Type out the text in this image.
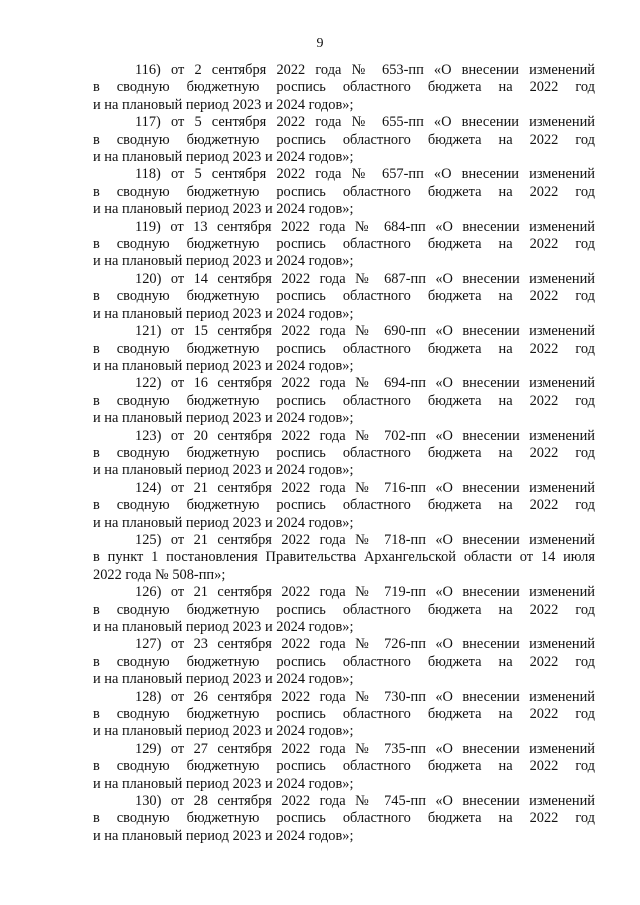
9
116) от 2 сентября 2022 года № 653-пп «О внесении изменений
в сводную бюджетную роспись областного бюджета на 2022 год
и на плановый период 2023 и 2024 годов»;
117) от 5 сентября 2022 года № 655-пп «О внесении изменений
в сводную бюджетную роспись областного бюджета на 2022 год
и на плановый период 2023 и 2024 годов»;
118) от 5 сентября 2022 года № 657-пп «О внесении изменений
в сводную бюджетную роспись областного бюджета на 2022 год
и на плановый период 2023 и 2024 годов»;
119) от 13 сентября 2022 года № 684-пп «О внесении изменений
в сводную бюджетную роспись областного бюджета на 2022 год
и на плановый период 2023 и 2024 годов»;
120) от 14 сентября 2022 года № 687-пп «О внесении изменений
в сводную бюджетную роспись областного бюджета на 2022 год
и на плановый период 2023 и 2024 годов»;
121) от 15 сентября 2022 года № 690-пп «О внесении изменений
в сводную бюджетную роспись областного бюджета на 2022 год
и на плановый период 2023 и 2024 годов»;
122) от 16 сентября 2022 года № 694-пп «О внесении изменений
в сводную бюджетную роспись областного бюджета на 2022 год
и на плановый период 2023 и 2024 годов»;
123) от 20 сентября 2022 года № 702-пп «О внесении изменений
в сводную бюджетную роспись областного бюджета на 2022 год
и на плановый период 2023 и 2024 годов»;
124) от 21 сентября 2022 года № 716-пп «О внесении изменений
в сводную бюджетную роспись областного бюджета на 2022 год
и на плановый период 2023 и 2024 годов»;
125) от 21 сентября 2022 года № 718-пп «О внесении изменений
в пункт 1 постановления Правительства Архангельской области от 14 июля
2022 года № 508-пп»;
126) от 21 сентября 2022 года № 719-пп «О внесении изменений
в сводную бюджетную роспись областного бюджета на 2022 год
и на плановый период 2023 и 2024 годов»;
127) от 23 сентября 2022 года № 726-пп «О внесении изменений
в сводную бюджетную роспись областного бюджета на 2022 год
и на плановый период 2023 и 2024 годов»;
128) от 26 сентября 2022 года № 730-пп «О внесении изменений
в сводную бюджетную роспись областного бюджета на 2022 год
и на плановый период 2023 и 2024 годов»;
129) от 27 сентября 2022 года № 735-пп «О внесении изменений
в сводную бюджетную роспись областного бюджета на 2022 год
и на плановый период 2023 и 2024 годов»;
130) от 28 сентября 2022 года № 745-пп «О внесении изменений
в сводную бюджетную роспись областного бюджета на 2022 год
и на плановый период 2023 и 2024 годов»;
